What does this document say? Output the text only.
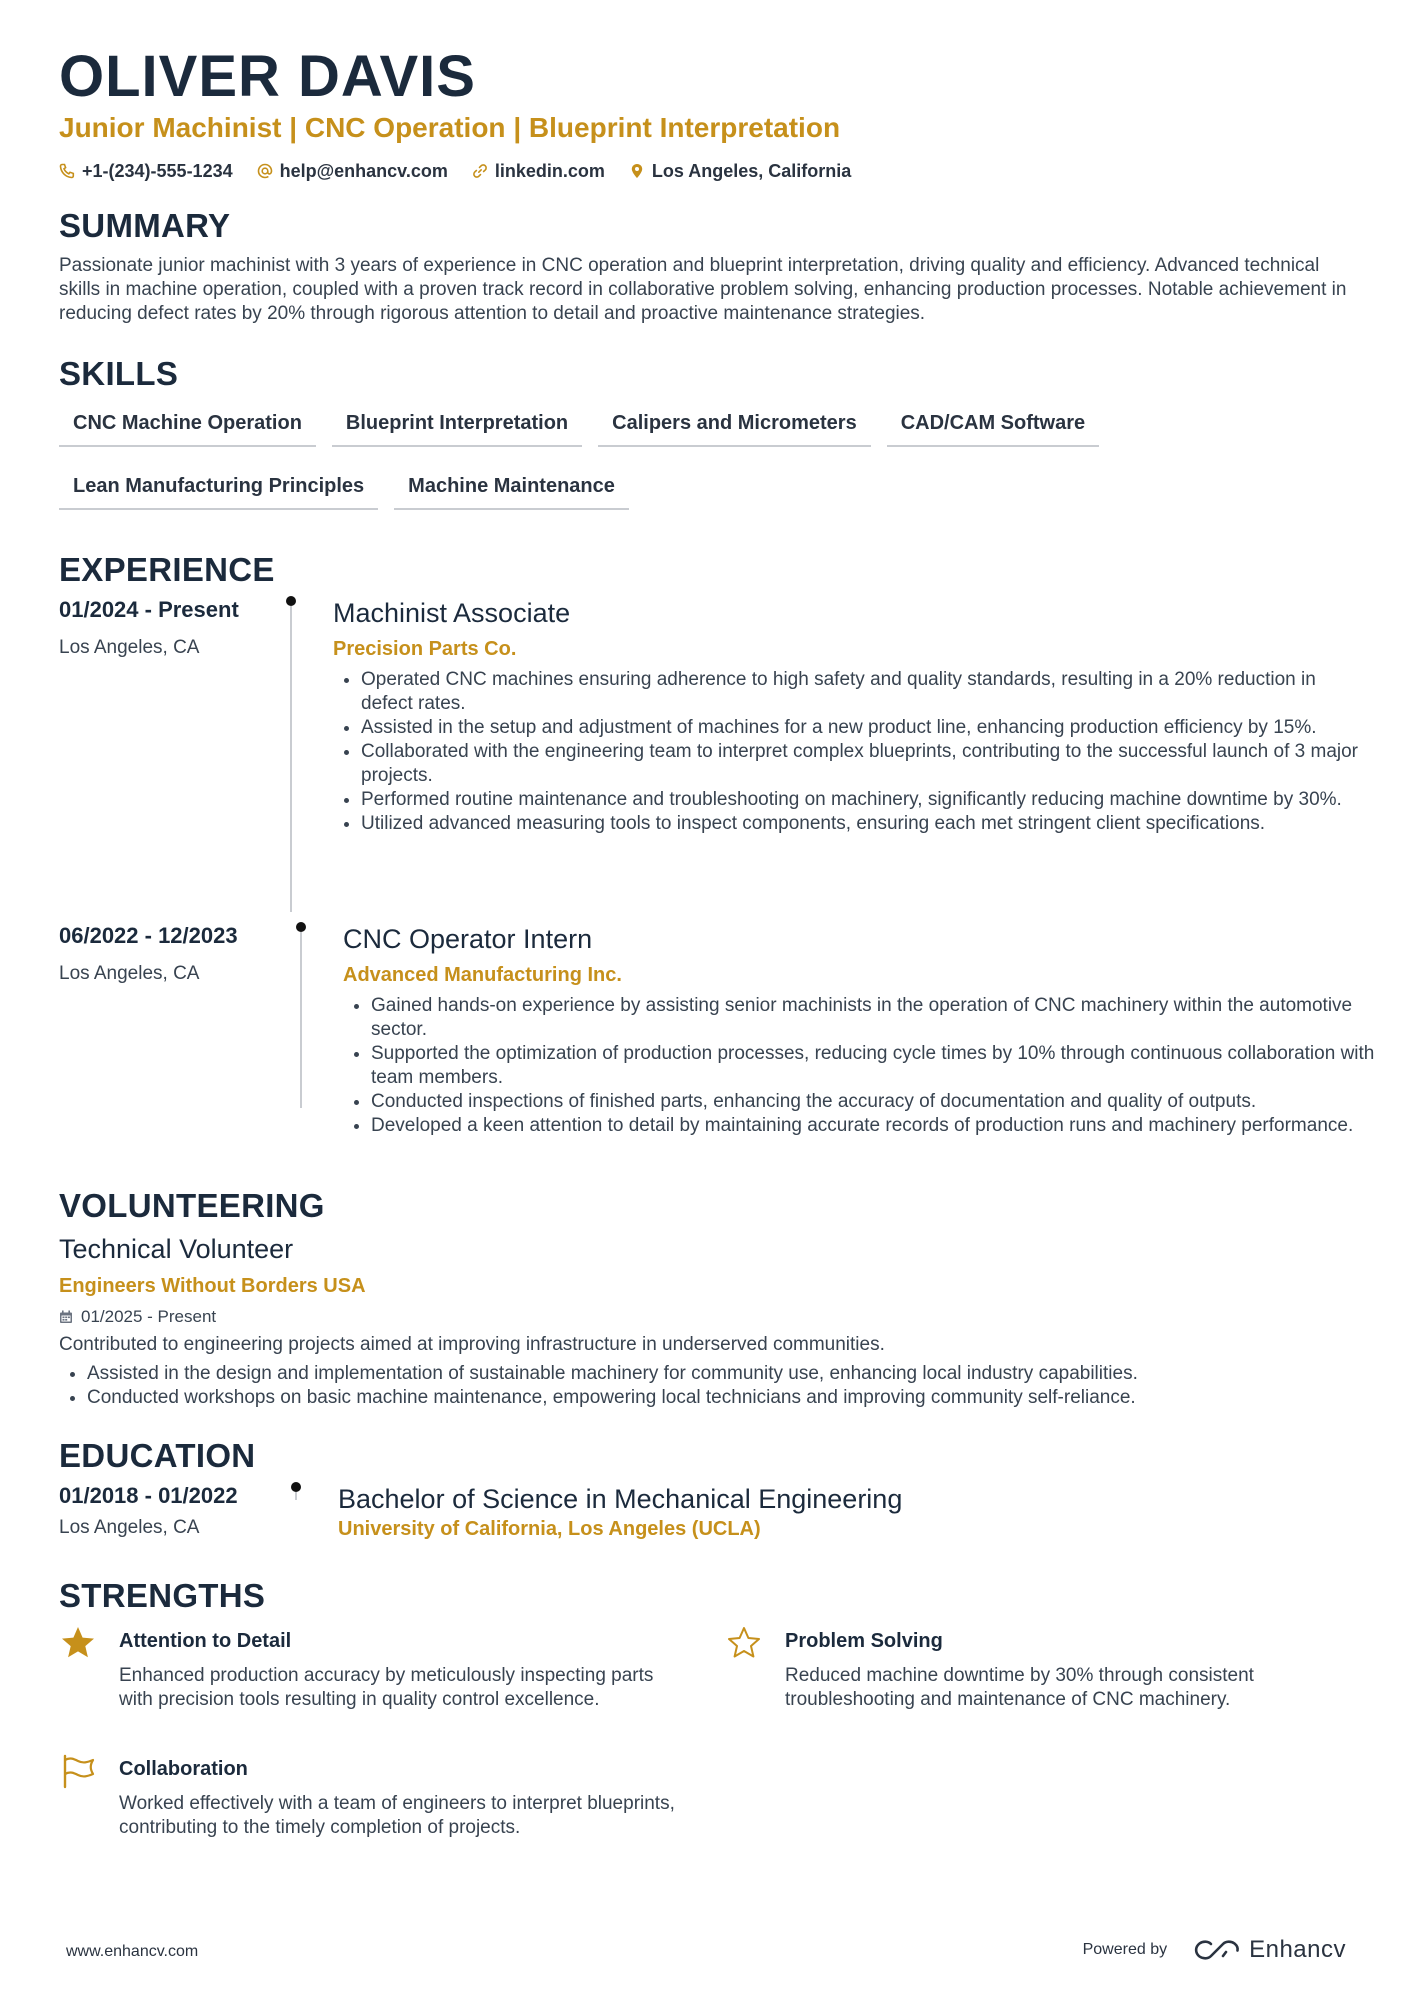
OLIVER DAVIS
Junior Machinist | CNC Operation | Blueprint Interpretation
+1-(234)-555-1234	help@enhancv.com	linkedin.com	Los Angeles, California
SUMMARY
Passionate junior machinist with 3 years of experience in CNC operation and blueprint interpretation, driving quality and efficiency. Advanced technical skills in machine operation, coupled with a proven track record in collaborative problem solving, enhancing production processes. Notable achievement in reducing defect rates by 20% through rigorous attention to detail and proactive maintenance strategies.
SKILLS
CNC Machine Operation	Blueprint Interpretation	Calipers and Micrometers	CAD/CAM Software
Lean Manufacturing Principles	Machine Maintenance
EXPERIENCE
01/2024 - Present
Los Angeles, CA
Machinist Associate
Precision Parts Co.
• Operated CNC machines ensuring adherence to high safety and quality standards, resulting in a 20% reduction in defect rates.
• Assisted in the setup and adjustment of machines for a new product line, enhancing production efficiency by 15%.
• Collaborated with the engineering team to interpret complex blueprints, contributing to the successful launch of 3 major projects.
• Performed routine maintenance and troubleshooting on machinery, significantly reducing machine downtime by 30%.
• Utilized advanced measuring tools to inspect components, ensuring each met stringent client specifications.
06/2022 - 12/2023
Los Angeles, CA
CNC Operator Intern
Advanced Manufacturing Inc.
• Gained hands-on experience by assisting senior machinists in the operation of CNC machinery within the automotive sector.
• Supported the optimization of production processes, reducing cycle times by 10% through continuous collaboration with team members.
• Conducted inspections of finished parts, enhancing the accuracy of documentation and quality of outputs.
• Developed a keen attention to detail by maintaining accurate records of production runs and machinery performance.
VOLUNTEERING
Technical Volunteer
Engineers Without Borders USA
01/2025 - Present
Contributed to engineering projects aimed at improving infrastructure in underserved communities.
• Assisted in the design and implementation of sustainable machinery for community use, enhancing local industry capabilities.
• Conducted workshops on basic machine maintenance, empowering local technicians and improving community self-reliance.
EDUCATION
01/2018 - 01/2022
Los Angeles, CA
Bachelor of Science in Mechanical Engineering
University of California, Los Angeles (UCLA)
STRENGTHS
Attention to Detail
Enhanced production accuracy by meticulously inspecting parts with precision tools resulting in quality control excellence.
Problem Solving
Reduced machine downtime by 30% through consistent troubleshooting and maintenance of CNC machinery.
Collaboration
Worked effectively with a team of engineers to interpret blueprints, contributing to the timely completion of projects.
www.enhancv.com	Powered by	Enhancv
